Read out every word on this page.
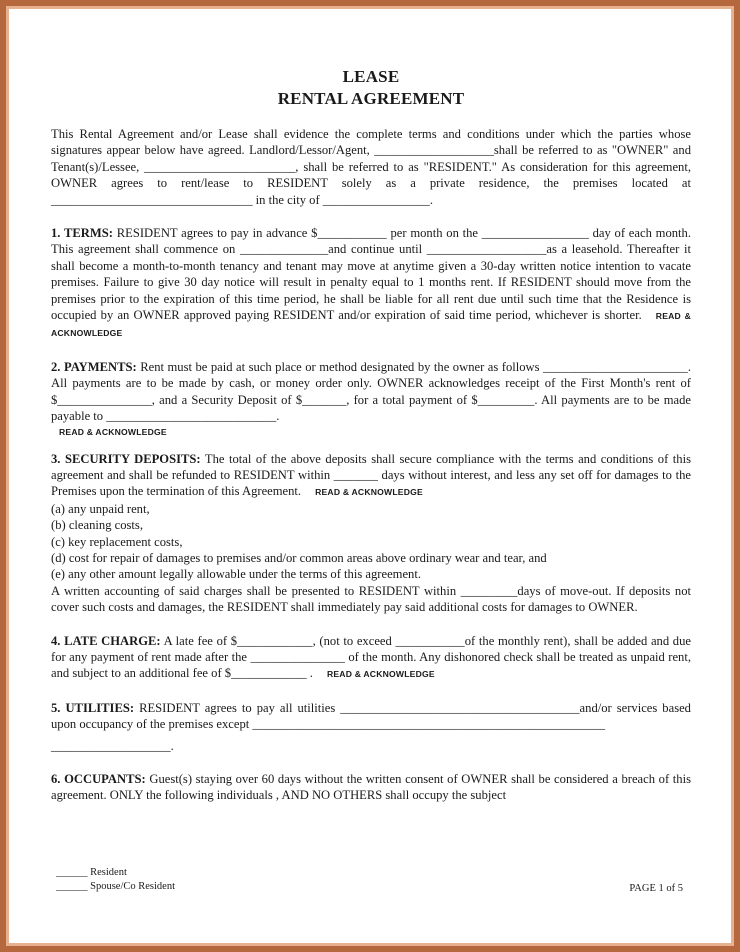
LEASE
RENTAL AGREEMENT
This Rental Agreement and/or Lease shall evidence the complete terms and conditions under which the parties whose signatures appear below have agreed. Landlord/Lessor/Agent, ___________________shall be referred to as "OWNER" and Tenant(s)/Lessee, ________________________, shall be referred to as "RESIDENT." As consideration for this agreement, OWNER agrees to rent/lease to RESIDENT solely as a private residence, the premises located at ________________________________ in the city of _________________.
1. TERMS: RESIDENT agrees to pay in advance $___________ per month on the _________________ day of each month. This agreement shall commence on ______________and continue until ___________________as a leasehold. Thereafter it shall become a month-to-month tenancy and tenant may move at anytime given a 30-day written notice intention to vacate premises. Failure to give 30 day notice will result in penalty equal to 1 months rent. If RESIDENT should move from the premises prior to the expiration of this time period, he shall be liable for all rent due until such time that the Residence is occupied by an OWNER approved paying RESIDENT and/or expiration of said time period, whichever is shorter. READ & ACKNOWLEDGE
2. PAYMENTS: Rent must be paid at such place or method designated by the owner as follows _______________________. All payments are to be made by cash, or money order only. OWNER acknowledges receipt of the First Month's rent of $_______________, and a Security Deposit of $_______, for a total payment of $_________. All payments are to be made payable to ___________________________.
READ & ACKNOWLEDGE
3. SECURITY DEPOSITS: The total of the above deposits shall secure compliance with the terms and conditions of this agreement and shall be refunded to RESIDENT within _______ days without interest, and less any set off for damages to the Premises upon the termination of this Agreement. READ & ACKNOWLEDGE
(a) any unpaid rent,
(b) cleaning costs,
(c) key replacement costs,
(d) cost for repair of damages to premises and/or common areas above ordinary wear and tear, and
(e) any other amount legally allowable under the terms of this agreement.
A written accounting of said charges shall be presented to RESIDENT within _________days of move-out. If deposits not cover such costs and damages, the RESIDENT shall immediately pay said additional costs for damages to OWNER.
4. LATE CHARGE: A late fee of $____________, (not to exceed ___________of the monthly rent), shall be added and due for any payment of rent made after the _______________ of the month. Any dishonored check shall be treated as unpaid rent, and subject to an additional fee of $____________ . READ & ACKNOWLEDGE
5. UTILITIES: RESIDENT agrees to pay all utilities ______________________________________and/or services based upon occupancy of the premises except ________________________________________________________
___________________.
6. OCCUPANTS: Guest(s) staying over 60 days without the written consent of OWNER shall be considered a breach of this agreement. ONLY the following individuals , AND NO OTHERS shall occupy the subject
______ Resident
______ Spouse/Co Resident	PAGE 1 of 5
